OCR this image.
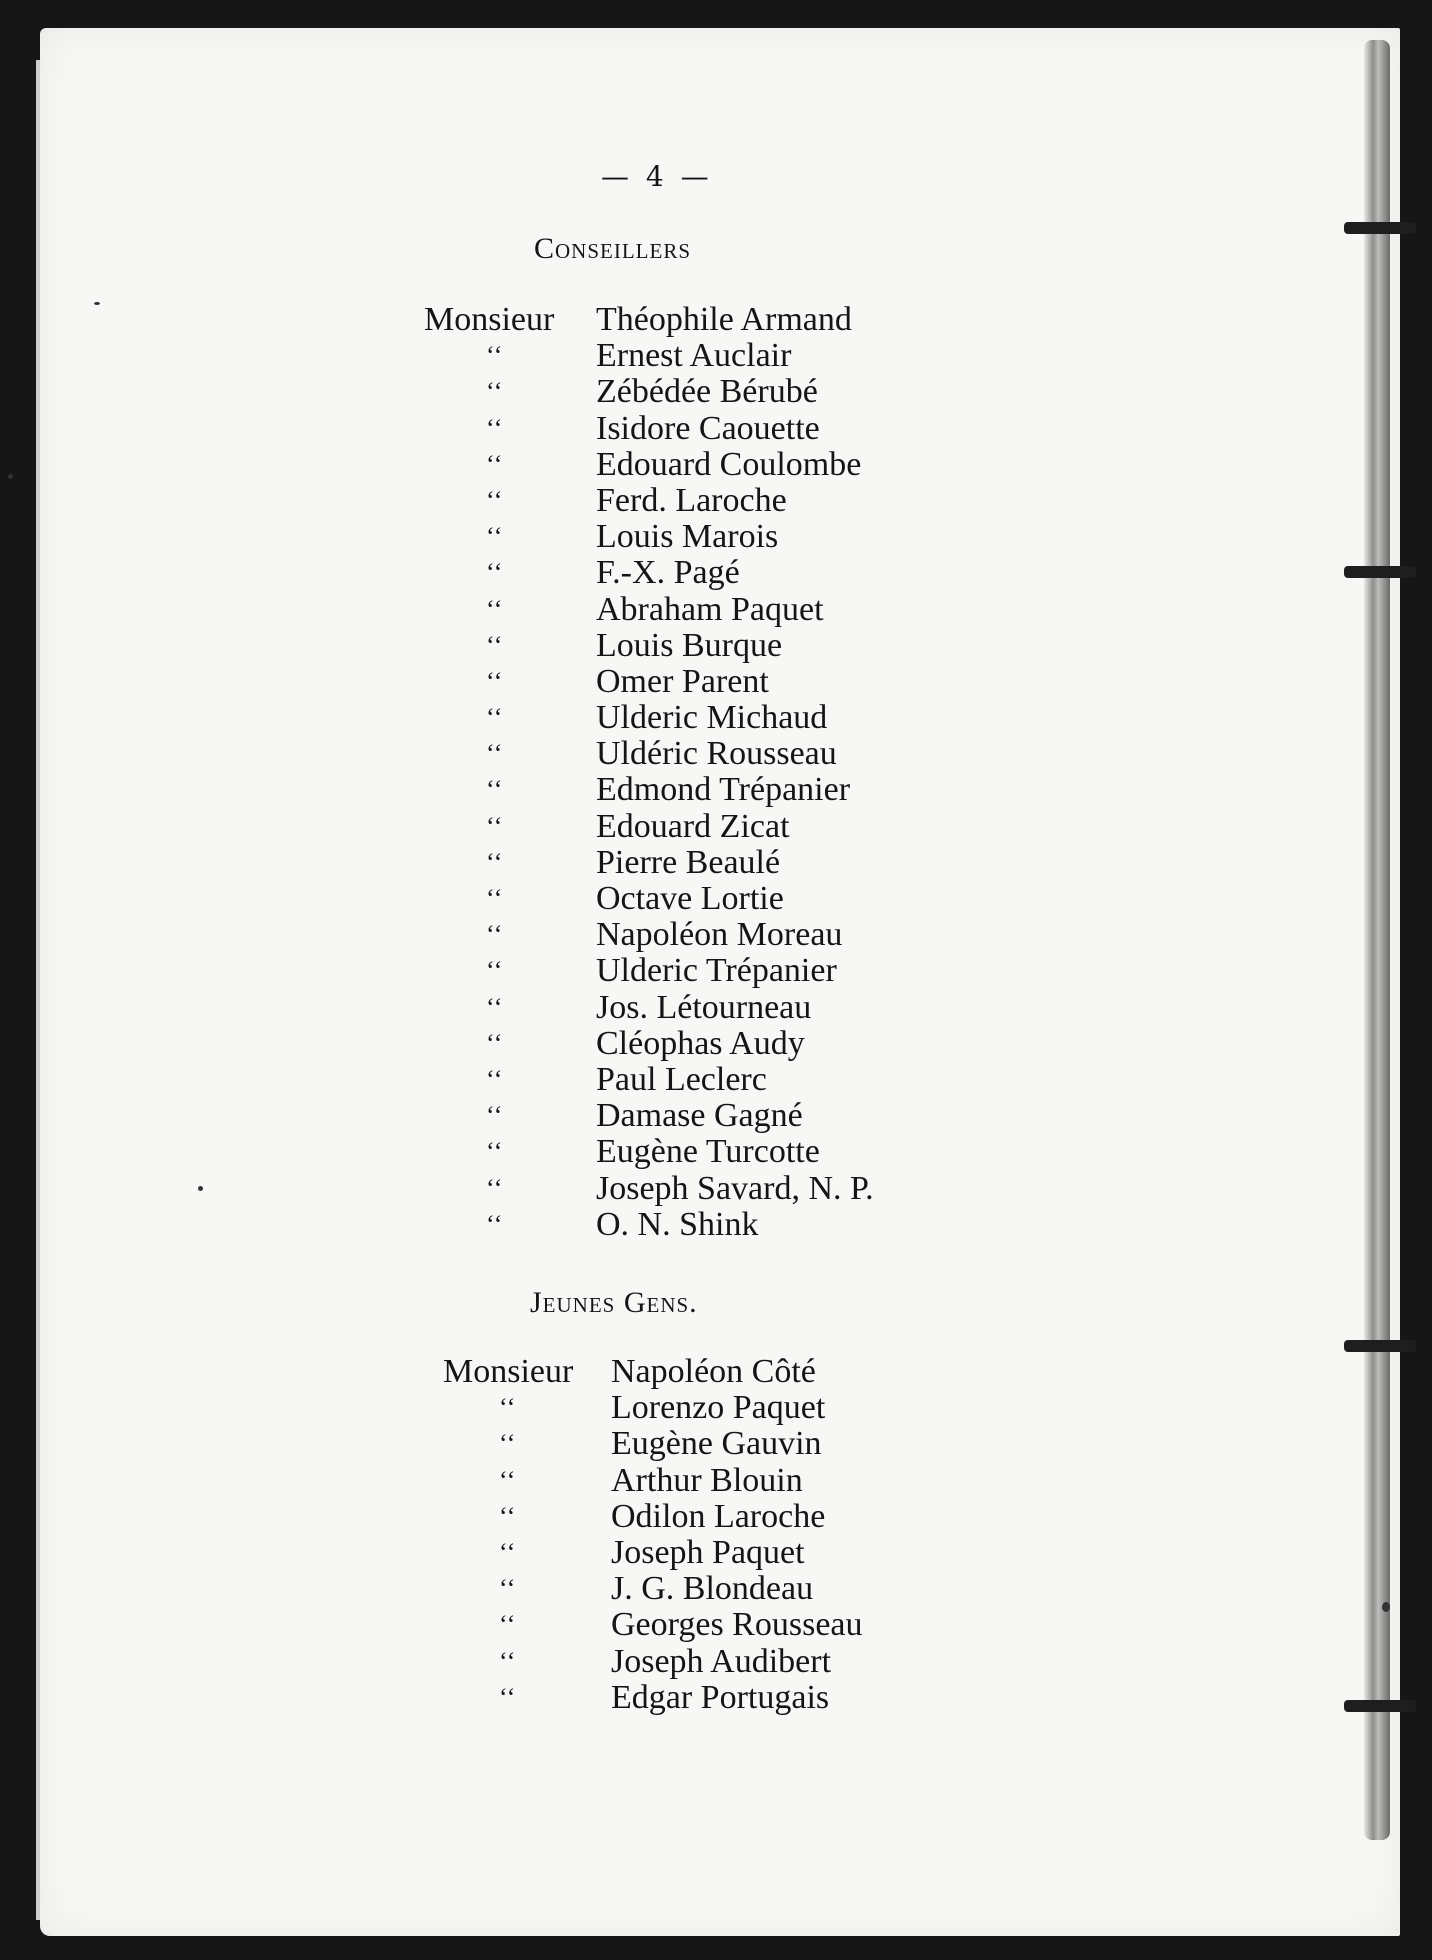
— 4 —
Conseillers
Monsieur Théophile Armand
‘‘	Ernest Auclair
‘‘	Zébédée Bérubé
‘‘	Isidore Caouette
‘‘	Edouard Coulombe
‘‘	Ferd. Laroche
‘‘	Louis Marois
‘‘	F.-X. Pagé
‘‘	Abraham Paquet
‘‘	Louis Burque
‘‘	Omer Parent
‘‘	Ulderic Michaud
‘‘	Uldéric Rousseau
‘‘	Edmond Trépanier
‘‘	Edouard Zicat
‘‘	Pierre Beaulé
‘‘	Octave Lortie
‘‘	Napoléon Moreau
‘‘	Ulderic Trépanier
‘‘	Jos. Létourneau
‘‘	Cléophas Audy
‘‘	Paul Leclerc
‘‘	Damase Gagné
‘‘	Eugène Turcotte
‘‘	Joseph Savard, N. P.
‘‘	O. N. Shink
Jeunes Gens.
Monsieur Napoléon Côté
‘‘	Lorenzo Paquet
‘‘	Eugène Gauvin
‘‘	Arthur Blouin
‘‘	Odilon Laroche
‘‘	Joseph Paquet
‘‘	J. G. Blondeau
‘‘	Georges Rousseau
‘‘	Joseph Audibert
‘‘	Edgar Portugais
